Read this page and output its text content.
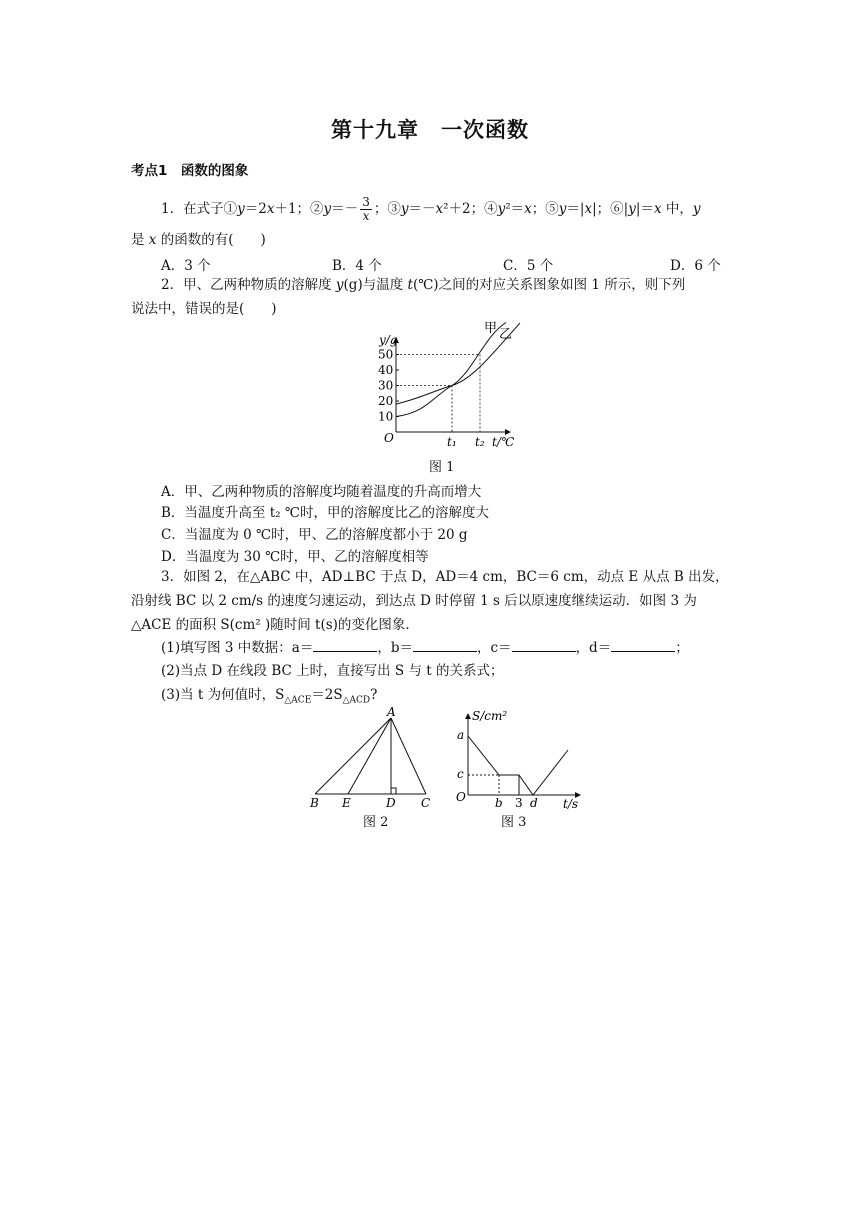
第十九章　一次函数
考点1　函数的图象
1．在式子①y＝2x＋1；②y＝－ $\frac{3}{x}$ ；③y＝－x²＋2；④y²＝x；⑤y＝|x|；⑥|y|＝x 中，y
是 x 的函数的有(　　)
A．3 个	B．4 个	C．5 个	D．6 个
2．甲、乙两种物质的溶解度 y(g)与温度 t(℃)之间的对应关系图象如图 1 所示，则下列
说法中，错误的是(　　)
10
20
30
40
50
t₁ t₂
y/g
t/℃
O
甲 乙
图 1
A．甲、乙两种物质的溶解度均随着温度的升高而增大
B．当温度升高至 t₂ ℃时，甲的溶解度比乙的溶解度大
C．当温度为 0 ℃时，甲、乙的溶解度都小于 20 g
D．当温度为 30 ℃时，甲、乙的溶解度相等
3．如图 2，在△ABC 中，AD⊥BC 于点 D，AD＝4 cm，BC＝6 cm，动点 E 从点 B 出发，
沿射线 BC 以 2 cm/s 的速度匀速运动，到达点 D 时停留 1 s 后以原速度继续运动．如图 3 为
△ACE 的面积 S(cm² )随时间 t(s)的变化图象．
(1)填写图 3 中数据：a＝	，b＝	，c＝	，d＝	；
(2)当点 D 在线段 BC 上时，直接写出 S 与 t 的关系式；
(3)当 t 为何值时，$S_{\triangle ACE}=2S_{\triangle ACD}$?
A
B E	D C
图 2
S/cm²
t/s
a
c
O b 3 d
图 3
